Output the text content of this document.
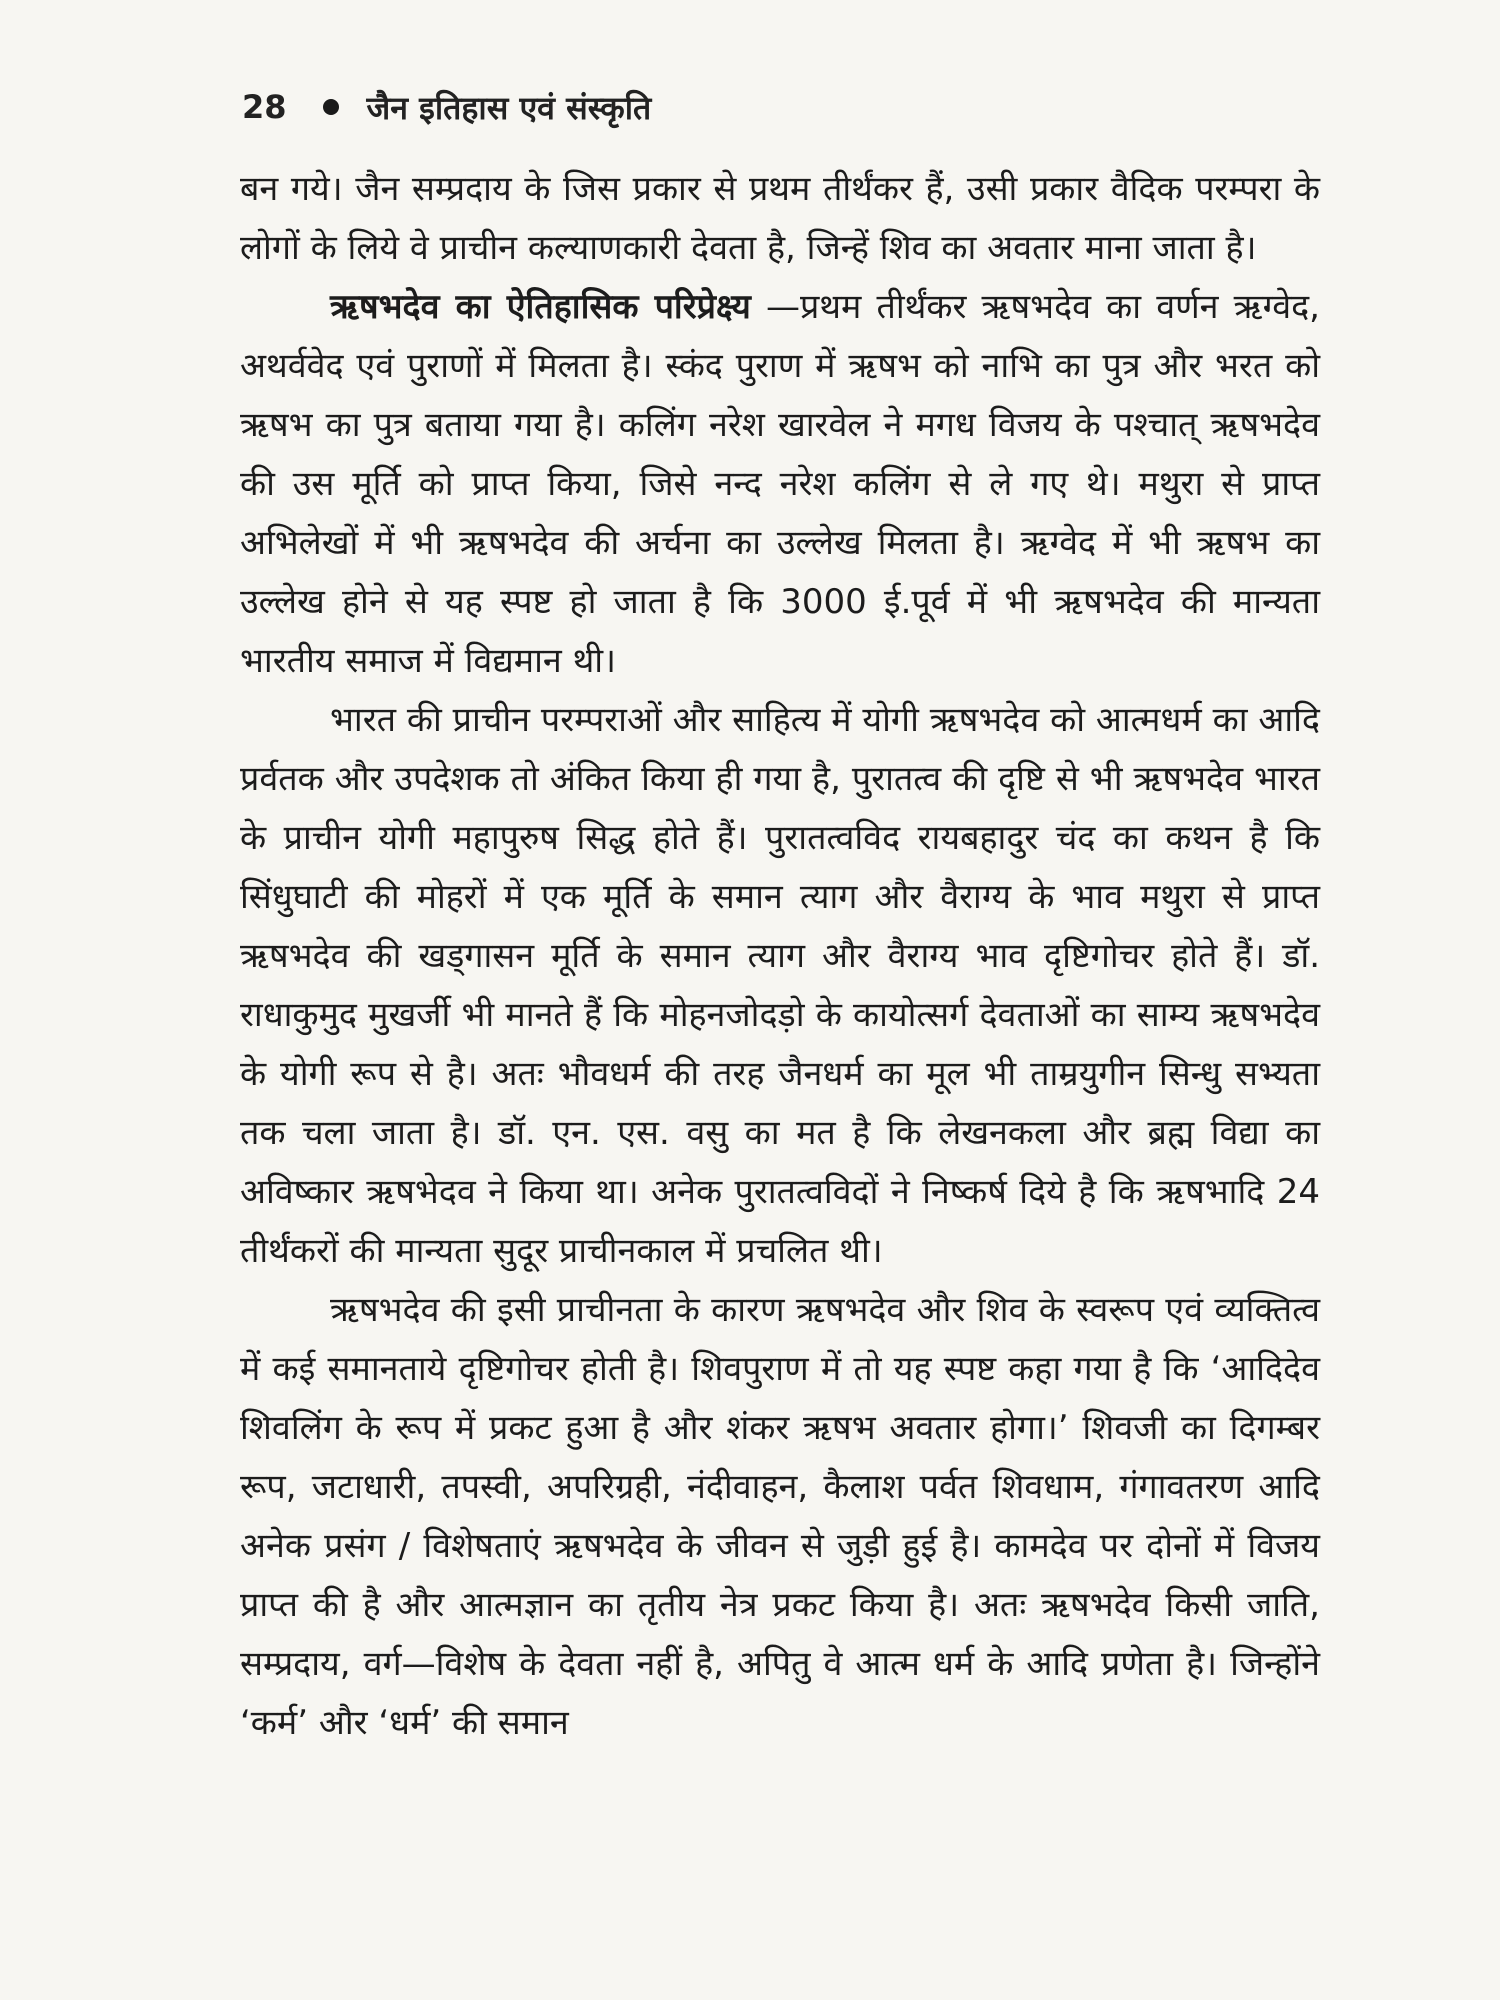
28	जैन इतिहास एवं संस्कृति

बन गये। जैन सम्प्रदाय के जिस प्रकार से प्रथम तीर्थंकर हैं, उसी प्रकार वैदिक परम्परा के लोगों के लिये वे प्राचीन कल्याणकारी देवता है, जिन्हें शिव का अवतार माना जाता है।

ऋषभदेव का ऐतिहासिक परिप्रेक्ष्य —प्रथम तीर्थंकर ऋषभदेव का वर्णन ऋग्वेद, अथर्ववेद एवं पुराणों में मिलता है। स्कंद पुराण में ऋषभ को नाभि का पुत्र और भरत को ऋषभ का पुत्र बताया गया है। कलिंग नरेश खारवेल ने मगध विजय के पश्चात् ऋषभदेव की उस मूर्ति को प्राप्त किया, जिसे नन्द नरेश कलिंग से ले गए थे। मथुरा से प्राप्त अभिलेखों में भी ऋषभदेव की अर्चना का उल्लेख मिलता है। ऋग्वेद में भी ऋषभ का उल्लेख होने से यह स्पष्ट हो जाता है कि 3000 ई.पूर्व में भी ऋषभदेव की मान्यता भारतीय समाज में विद्यमान थी।

भारत की प्राचीन परम्पराओं और साहित्य में योगी ऋषभदेव को आत्मधर्म का आदि प्रर्वतक और उपदेशक तो अंकित किया ही गया है, पुरातत्व की दृष्टि से भी ऋषभदेव भारत के प्राचीन योगी महापुरुष सिद्ध होते हैं। पुरातत्वविद रायबहादुर चंद का कथन है कि सिंधुघाटी की मोहरों में एक मूर्ति के समान त्याग और वैराग्य के भाव मथुरा से प्राप्त ऋषभदेव की खड्गासन मूर्ति के समान त्याग और वैराग्य भाव दृष्टिगोचर होते हैं। डॉ. राधाकुमुद मुखर्जी भी मानते हैं कि मोहनजोदड़ो के कायोत्सर्ग देवताओं का साम्य ऋषभदेव के योगी रूप से है। अतः भौवधर्म की तरह जैनधर्म का मूल भी ताम्रयुगीन सिन्धु सभ्यता तक चला जाता है। डॉ. एन. एस. वसु का मत है कि लेखनकला और ब्रह्म विद्या का अविष्कार ऋषभेदव ने किया था। अनेक पुरातत्वविदों ने निष्कर्ष दिये है कि ऋषभादि 24 तीर्थंकरों की मान्यता सुदूर प्राचीनकाल में प्रचलित थी।

ऋषभदेव की इसी प्राचीनता के कारण ऋषभदेव और शिव के स्वरूप एवं व्यक्तित्व में कई समानताये दृष्टिगोचर होती है। शिवपुराण में तो यह स्पष्ट कहा गया है कि ‘आदिदेव शिवलिंग के रूप में प्रकट हुआ है और शंकर ऋषभ अवतार होगा।’ शिवजी का दिगम्बर रूप, जटाधारी, तपस्वी, अपरिग्रही, नंदीवाहन, कैलाश पर्वत शिवधाम, गंगावतरण आदि अनेक प्रसंग / विशेषताएं ऋषभदेव के जीवन से जुड़ी हुई है। कामदेव पर दोनों में विजय प्राप्त की है और आत्मज्ञान का तृतीय नेत्र प्रकट किया है। अतः ऋषभदेव किसी जाति, सम्प्रदाय, वर्ग—विशेष के देवता नहीं है, अपितु वे आत्म धर्म के आदि प्रणेता है। जिन्होंने ‘कर्म’ और ‘धर्म’ की समान
